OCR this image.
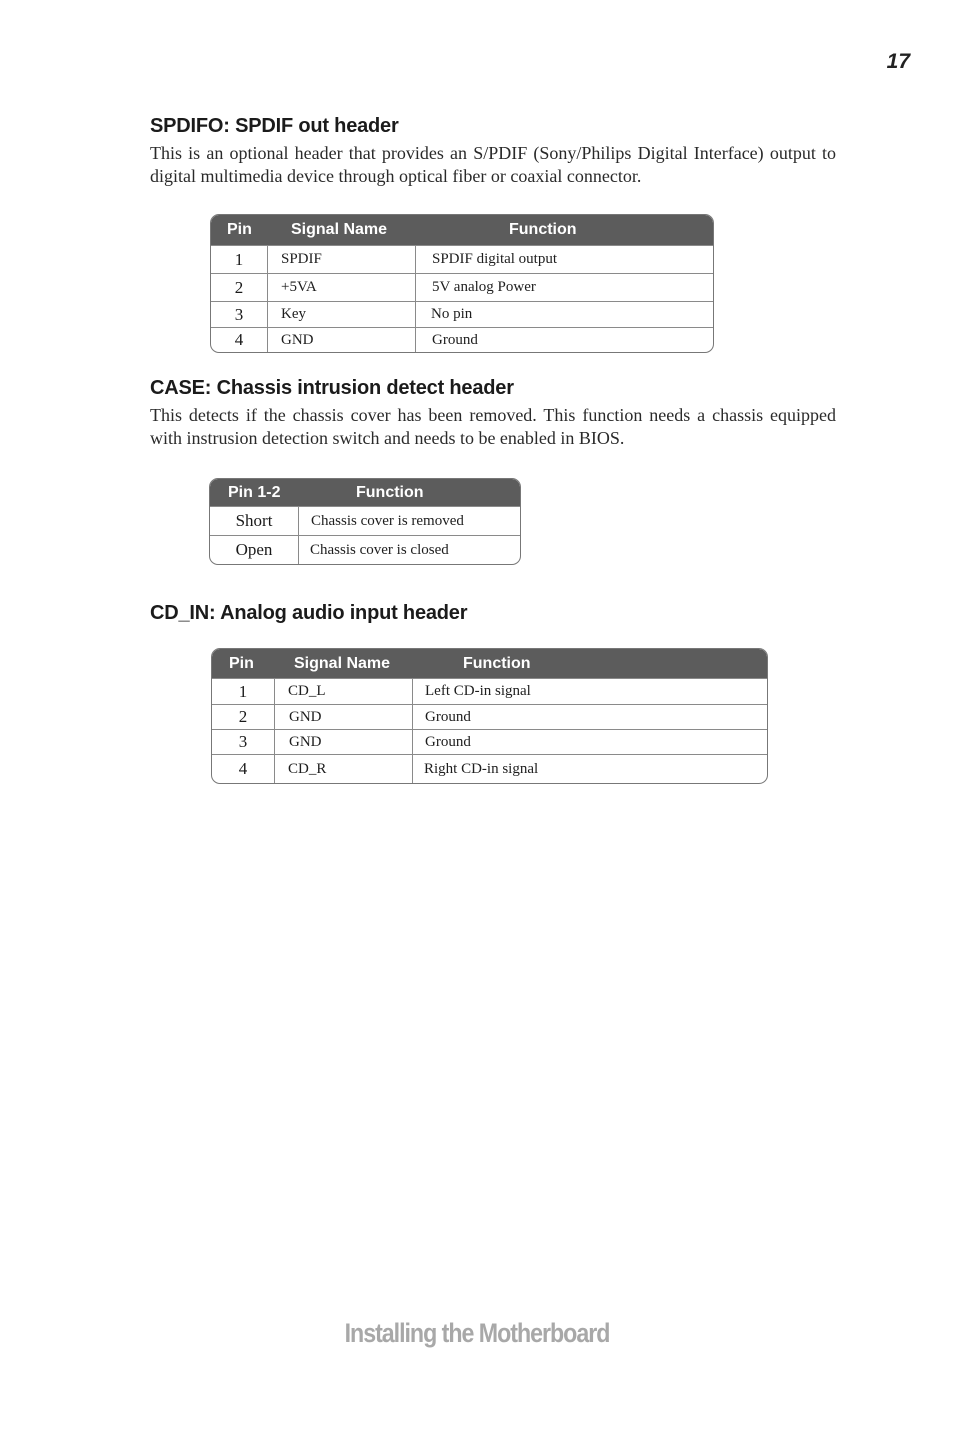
17
SPDIFO: SPDIF out header

This is an optional header that provides an S/PDIF (Sony/Philips Digital Interface) output to digital multimedia device through optical fiber or coaxial connector.

Pin	Signal Name	Function
1	SPDIF	SPDIF digital output
2	+5VA	5V analog Power
3	Key	No pin
4	GND	Ground
CASE: Chassis intrusion detect header

This detects if the chassis cover has been removed. This function needs a chassis equipped with instrusion detection switch and needs to be enabled in BIOS.

Pin 1-2	Function
Short	Chassis cover is removed
Open	Chassis cover is closed
CD_IN: Analog audio input header
Pin	Signal Name	Function
1	CD_L	Left CD-in signal
2	GND	Ground
3	GND	Ground
4	CD_R	Right CD-in signal
Installing the Motherboard
